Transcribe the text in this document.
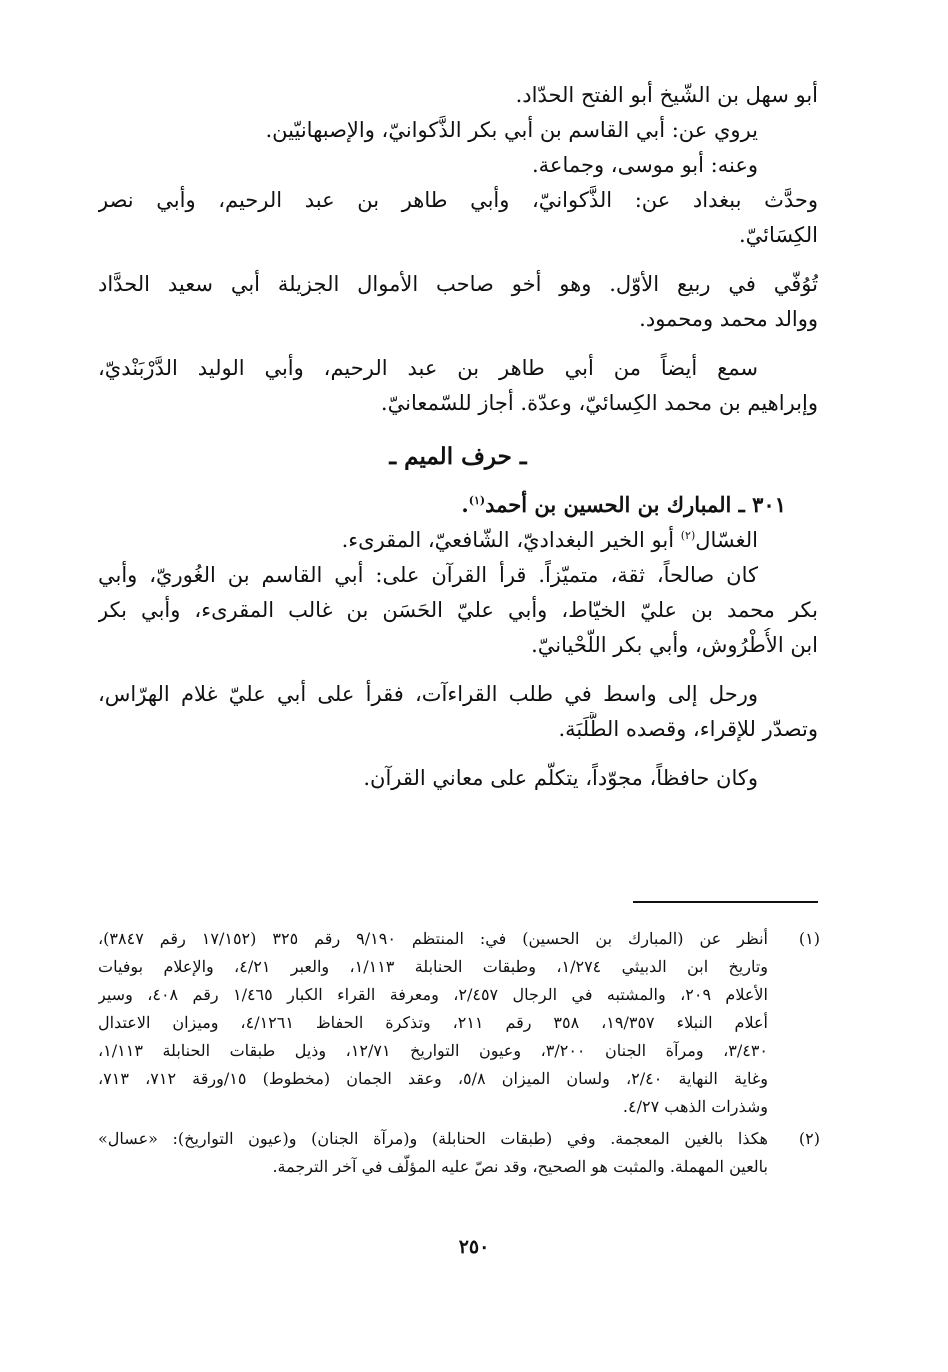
أبو سهل بن الشّيخ أبو الفتح الحدّاد.

يروي عن: أبي القاسم بن أبي بكر الذَّكوانيّ، والإصبهانيّين.

وعنه: أبو موسى، وجماعة.

وحدَّث ببغداد عن: الذَّكوانيّ، وأبي طاهر بن عبد الرحيم، وأبي نصر

الكِسَائيّ.

تُوُفّي في ربيع الأوّل. وهو أخو صاحب الأموال الجزيلة أبي سعيد الحدَّاد

ووالد محمد ومحمود.

سمع أيضاً من أبي طاهر بن عبد الرحيم، وأبي الوليد الدَّرْبَنْديّ،

وإبراهيم بن محمد الكِسائيّ، وعدّة. أجاز للسّمعانيّ.

ـ حرف الميم ـ

٣٠١ ـ المبارك بن الحسين بن أحمد$^{(١)}$.

الغسّال$^{(٢)}$ أبو الخير البغداديّ، الشّافعيّ، المقرىء.

كان صالحاً، ثقة، متميّزاً. قرأ القرآن على: أبي القاسم بن الغُوريّ، وأبي

بكر محمد بن عليّ الخيّاط، وأبي عليّ الحَسَن بن غالب المقرىء، وأبي بكر

ابن الأُطْرُوش، وأبي بكر اللّحْيانيّ.

ورحل إلى واسط في طلب القراءآت، فقرأ على أبي عليّ غلام الهرّاس،

وتصدّر للإقراء، وقصده الطَّلَبَة.

وكان حافظاً، مجوّداً، يتكلّم على معاني القرآن.

(١)

أنظر عن (المبارك بن الحسين) في: المنتظم ٩/١٩٠ رقم ٣٢٥ (١٧/١٥٢ رقم ٣٨٤٧)،

وتاريخ ابن الدبيثي ١/٢٧٤، وطبقات الحنابلة ١/١١٣، والعبر ٤/٢١، والإعلام بوفيات

الأعلام ٢٠٩، والمشتبه في الرجال ٢/٤٥٧، ومعرفة القراء الكبار ١/٤٦٥ رقم ٤٠٨، وسير

أعلام النبلاء ١٩/٣٥٧، ٣٥٨ رقم ٢١١، وتذكرة الحفاظ ٤/١٢٦١، وميزان الاعتدال

٣/٤٣٠، ومرآة الجنان ٣/٢٠٠، وعيون التواريخ ١٢/٧١، وذيل طبقات الحنابلة ١/١١٣،

وغاية النهاية ٢/٤٠، ولسان الميزان ٥/٨، وعقد الجمان (مخطوط) ١٥/ورقة ٧١٢، ٧١٣،

وشذرات الذهب ٤/٢٧.

(٢)

هكذا بالغين المعجمة. وفي (طبقات الحنابلة) و(مرآة الجنان) و(عيون التواريخ): «عسال»

بالعين المهملة. والمثبت هو الصحيح، وقد نصّ عليه المؤلّف في آخر الترجمة.

٢٥٠
